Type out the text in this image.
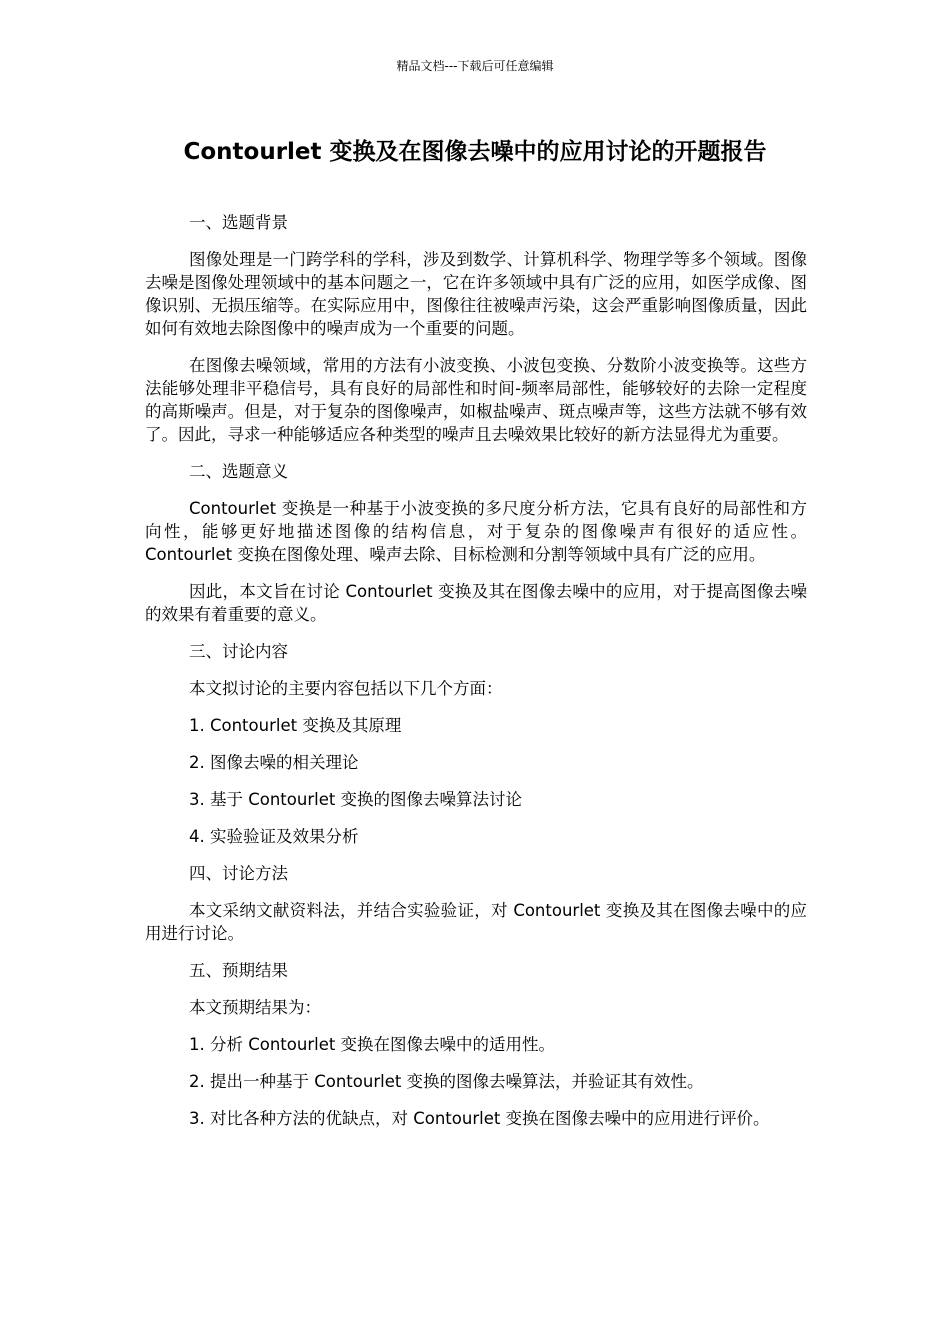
精品文档---下载后可任意编辑
Contourlet 变换及在图像去噪中的应用讨论的开题报告

一、选题背景

图像处理是一门跨学科的学科，涉及到数学、计算机科学、物理学等多个领域。图像去噪是图像处理领域中的基本问题之一，它在许多领域中具有广泛的应用，如医学成像、图像识别、无损压缩等。在实际应用中，图像往往被噪声污染，这会严重影响图像质量，因此如何有效地去除图像中的噪声成为一个重要的问题。

在图像去噪领域，常用的方法有小波变换、小波包变换、分数阶小波变换等。这些方法能够处理非平稳信号，具有良好的局部性和时间-频率局部性，能够较好的去除一定程度的高斯噪声。但是，对于复杂的图像噪声，如椒盐噪声、斑点噪声等，这些方法就不够有效了。因此，寻求一种能够适应各种类型的噪声且去噪效果比较好的新方法显得尤为重要。

二、选题意义

Contourlet 变换是一种基于小波变换的多尺度分析方法，它具有良好的局部性和方向性，能够更好地描述图像的结构信息，对于复杂的图像噪声有很好的适应性。Contourlet 变换在图像处理、噪声去除、目标检测和分割等领域中具有广泛的应用。

因此，本文旨在讨论 Contourlet 变换及其在图像去噪中的应用，对于提高图像去噪的效果有着重要的意义。

三、讨论内容

本文拟讨论的主要内容包括以下几个方面：

1. Contourlet 变换及其原理

2. 图像去噪的相关理论

3. 基于 Contourlet 变换的图像去噪算法讨论

4. 实验验证及效果分析

四、讨论方法

本文采纳文献资料法，并结合实验验证，对 Contourlet 变换及其在图像去噪中的应用进行讨论。

五、预期结果

本文预期结果为：

1. 分析 Contourlet 变换在图像去噪中的适用性。

2. 提出一种基于 Contourlet 变换的图像去噪算法，并验证其有效性。

3. 对比各种方法的优缺点，对 Contourlet 变换在图像去噪中的应用进行评价。
